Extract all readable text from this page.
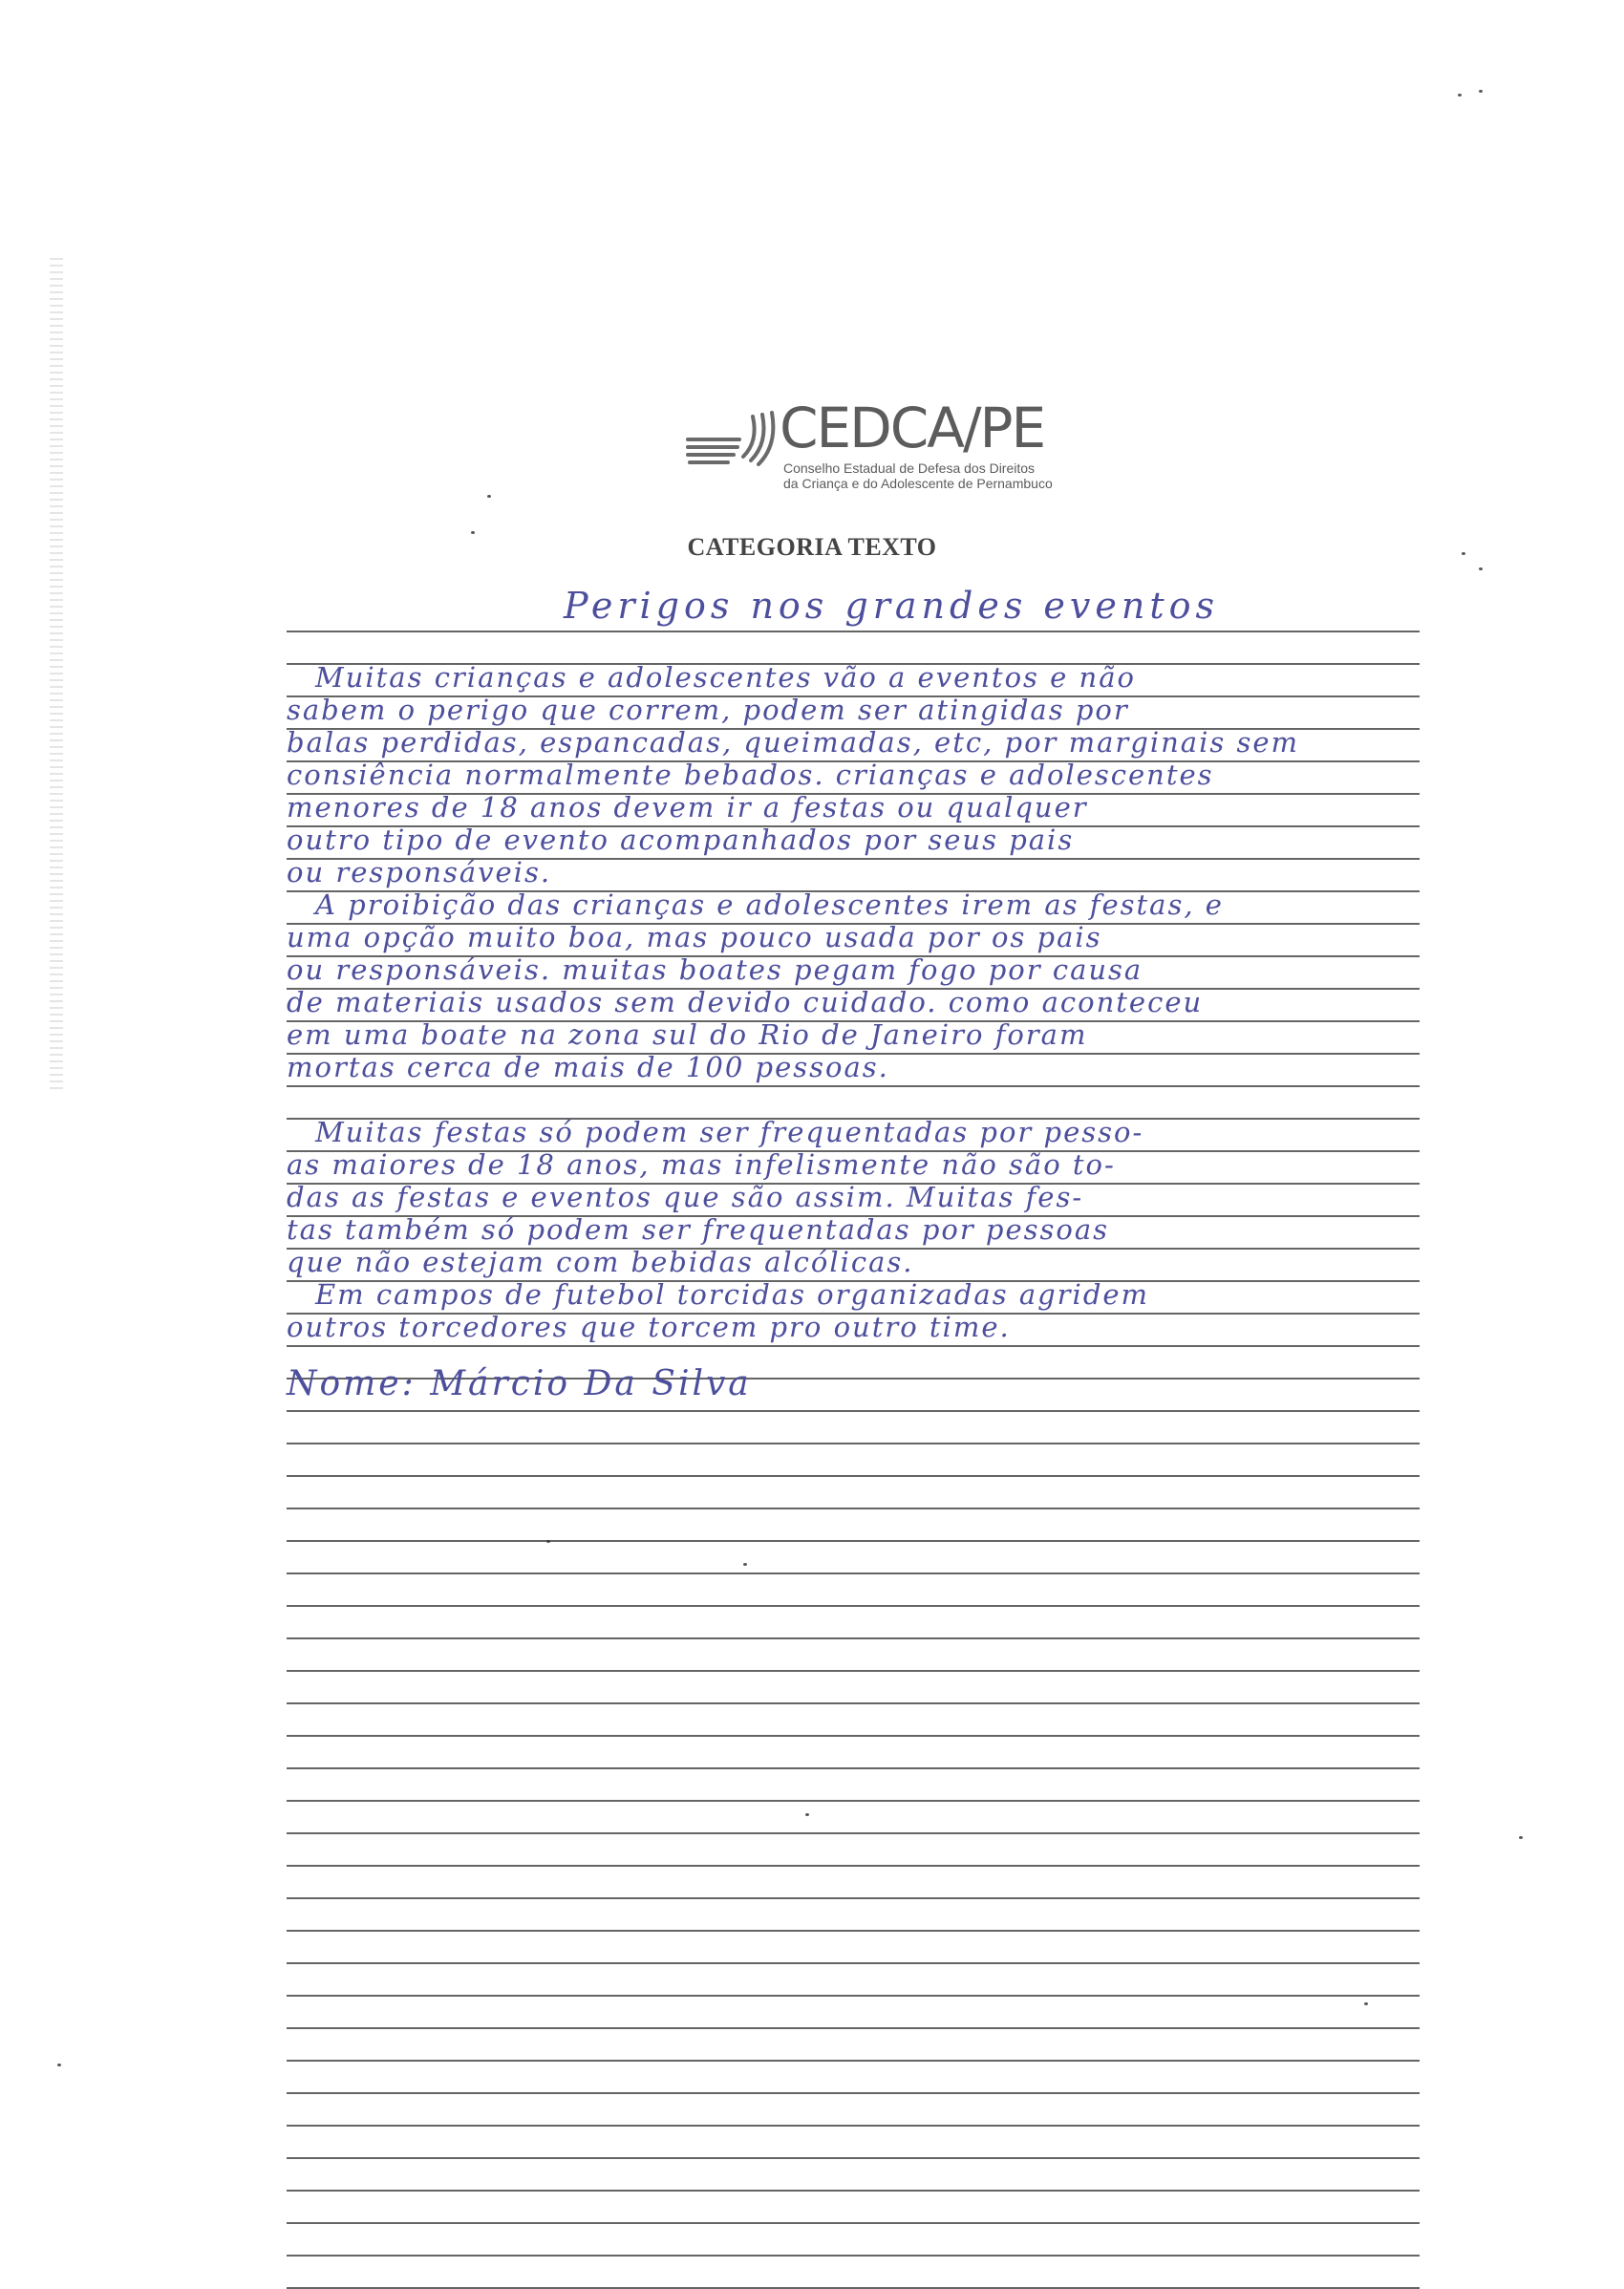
CEDCA/PE
Conselho Estadual de Defesa dos Direitos
da Criança e do Adolescente de Pernambuco
CATEGORIA TEXTO
Perigos nos grandes eventos
Muitas crianças e adolescentes vão a eventos e não
sabem o perigo que correm, podem ser atingidas por
balas perdidas, espancadas, queimadas, etc, por marginais sem
consiência normalmente bebados. crianças e adolescentes
menores de 18 anos devem ir a festas ou qualquer
outro tipo de evento acompanhados por seus pais
ou responsáveis.
A proibição das crianças e adolescentes irem as festas, e
uma opção muito boa, mas pouco usada por os pais
ou responsáveis. muitas boates pegam fogo por causa
de materiais usados sem devido cuidado. como aconteceu
em uma boate na zona sul do Rio de Janeiro foram
mortas cerca de mais de 100 pessoas.
Muitas festas só podem ser frequentadas por pesso-
as maiores de 18 anos, mas infelismente não são to-
das as festas e eventos que são assim. Muitas fes-
tas também só podem ser frequentadas por pessoas
que não estejam com bebidas alcólicas.
Em campos de futebol torcidas organizadas agridem
outros torcedores que torcem pro outro time.
Nome: Márcio Da Silva
